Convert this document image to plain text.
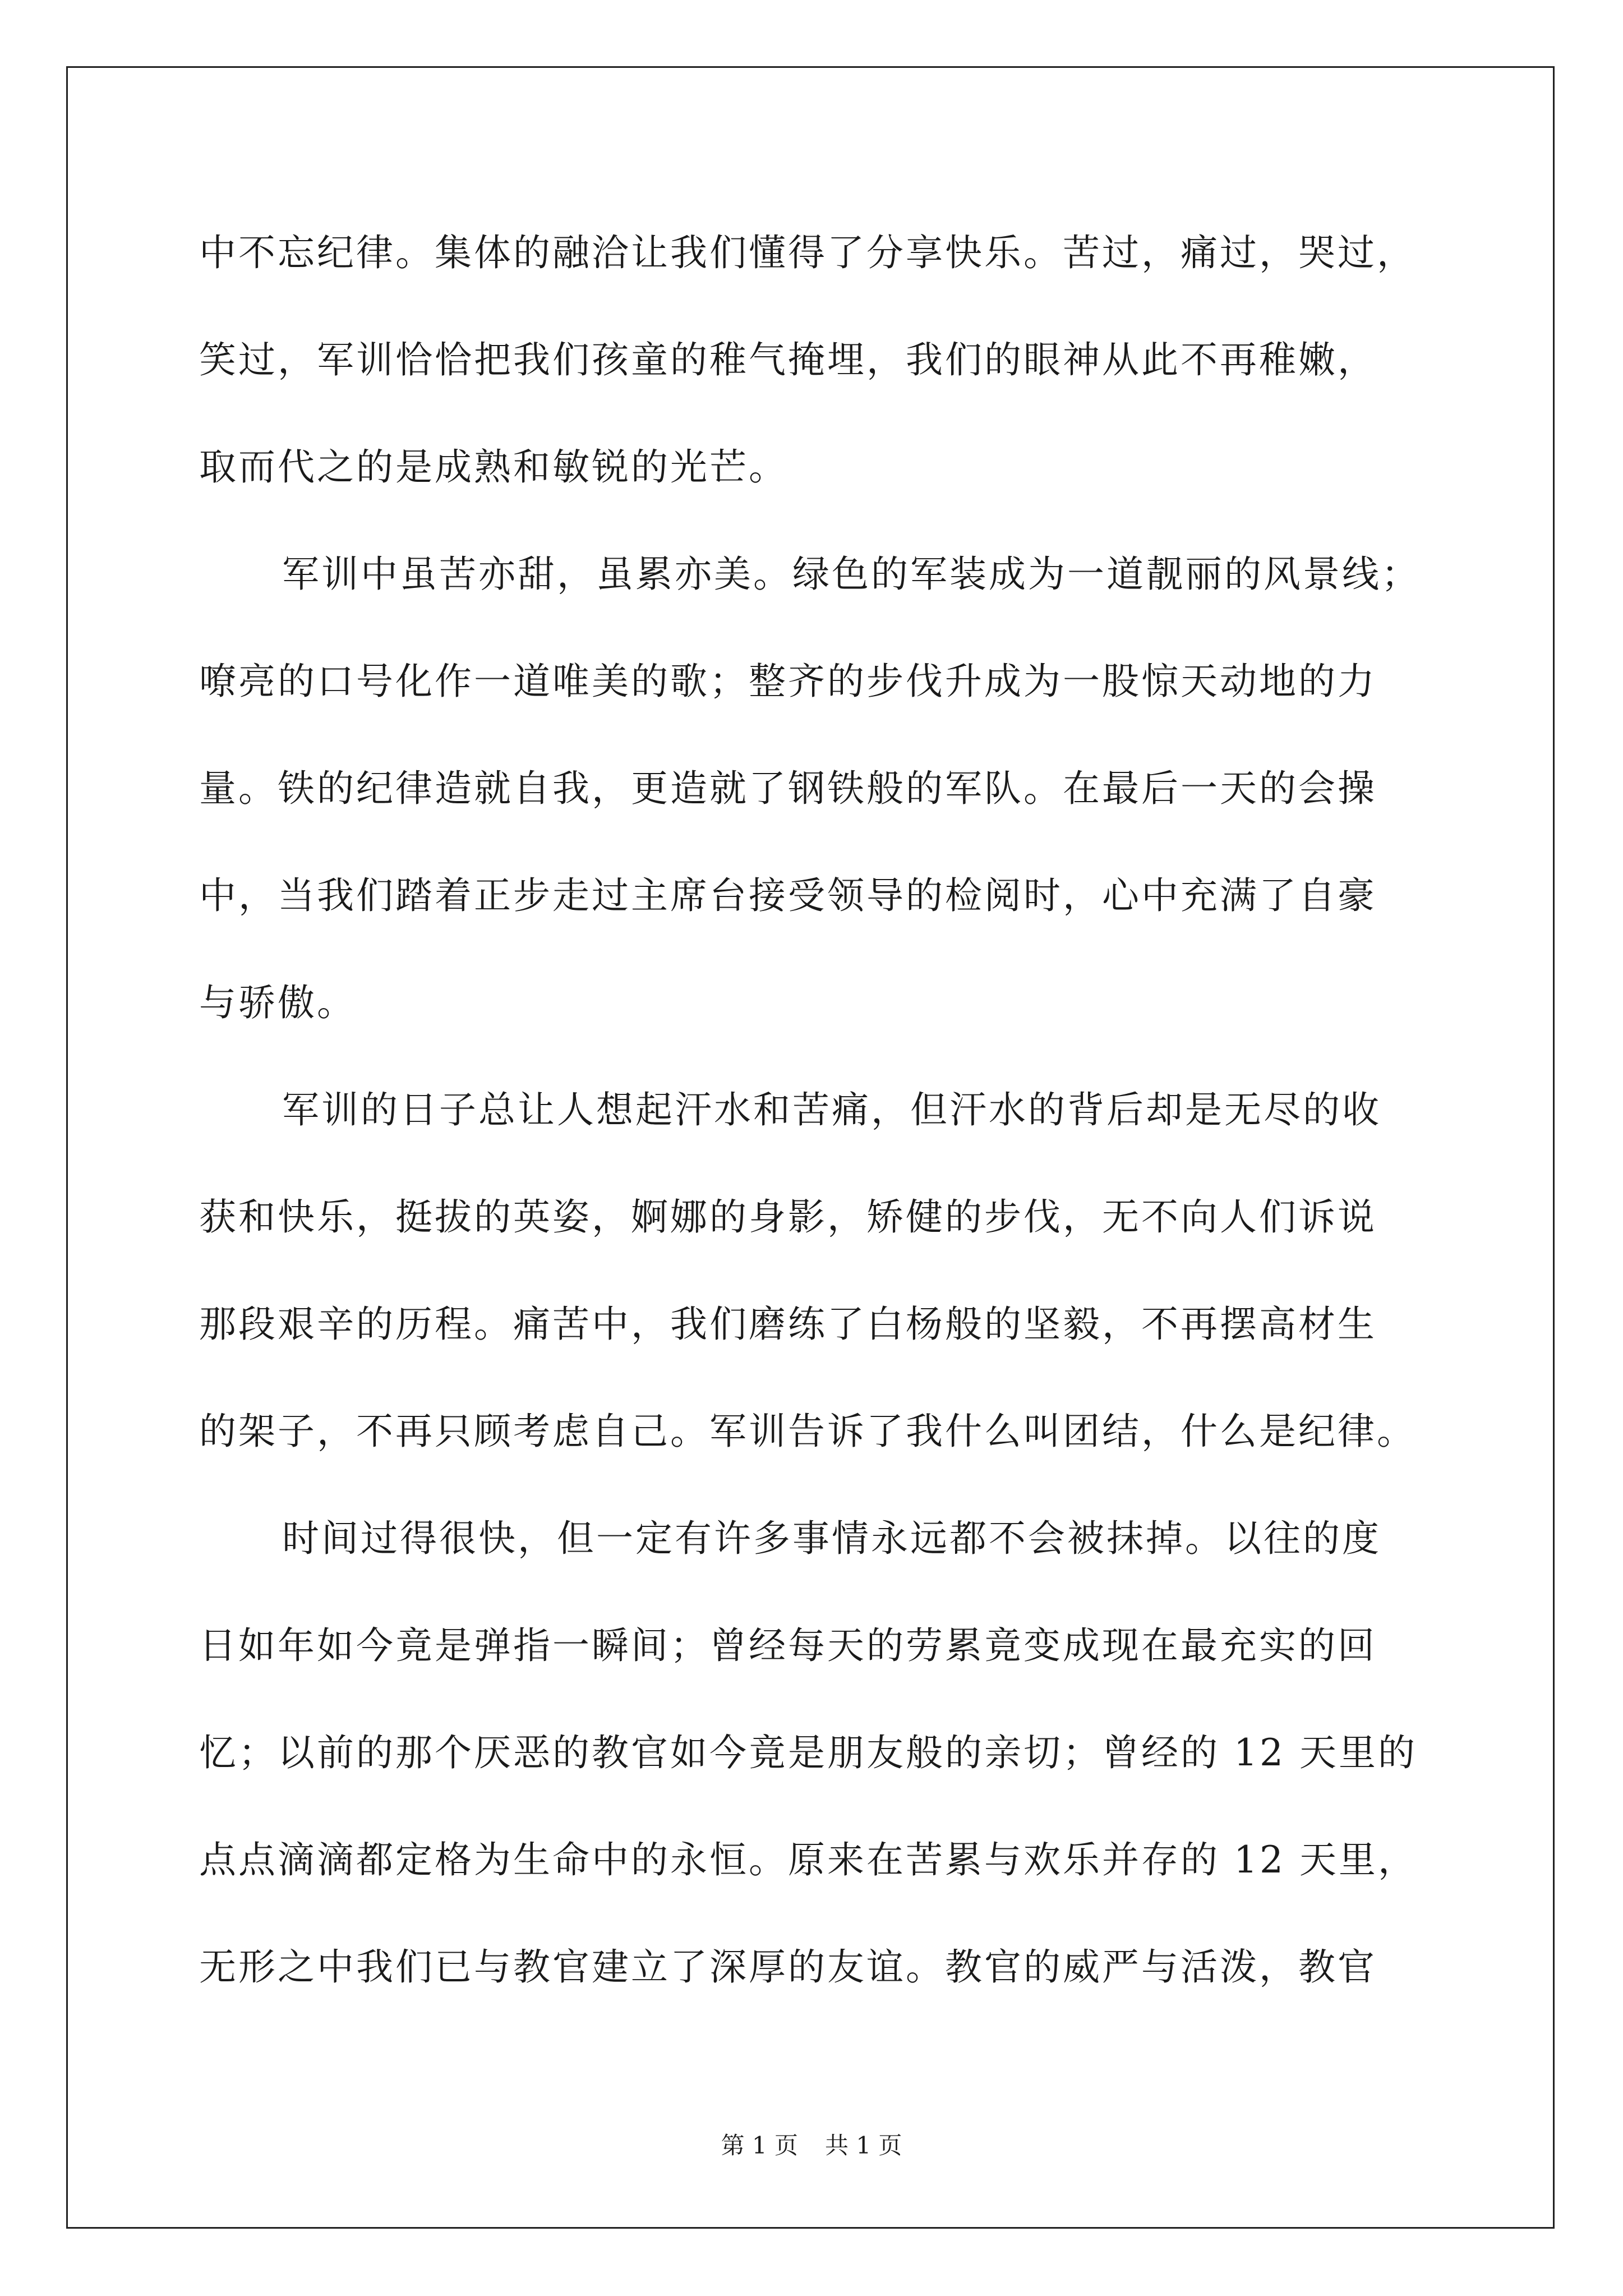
中不忘纪律。集体的融洽让我们懂得了分享快乐。苦过，痛过，哭过，
笑过，军训恰恰把我们孩童的稚气掩埋，我们的眼神从此不再稚嫩，
取而代之的是成熟和敏锐的光芒。
军训中虽苦亦甜，虽累亦美。绿色的军装成为一道靓丽的风景线；
嘹亮的口号化作一道唯美的歌；整齐的步伐升成为一股惊天动地的力
量。铁的纪律造就自我，更造就了钢铁般的军队。在最后一天的会操
中，当我们踏着正步走过主席台接受领导的检阅时，心中充满了自豪
与骄傲。
军训的日子总让人想起汗水和苦痛，但汗水的背后却是无尽的收
获和快乐，挺拔的英姿，婀娜的身影，矫健的步伐，无不向人们诉说
那段艰辛的历程。痛苦中，我们磨练了白杨般的坚毅，不再摆高材生
的架子，不再只顾考虑自己。军训告诉了我什么叫团结，什么是纪律。
时间过得很快，但一定有许多事情永远都不会被抹掉。以往的度
日如年如今竟是弹指一瞬间；曾经每天的劳累竟变成现在最充实的回
忆；以前的那个厌恶的教官如今竟是朋友般的亲切；曾经的 12 天里的
点点滴滴都定格为生命中的永恒。原来在苦累与欢乐并存的 12 天里，
无形之中我们已与教官建立了深厚的友谊。教官的威严与活泼，教官
第 1 页 共 1 页
